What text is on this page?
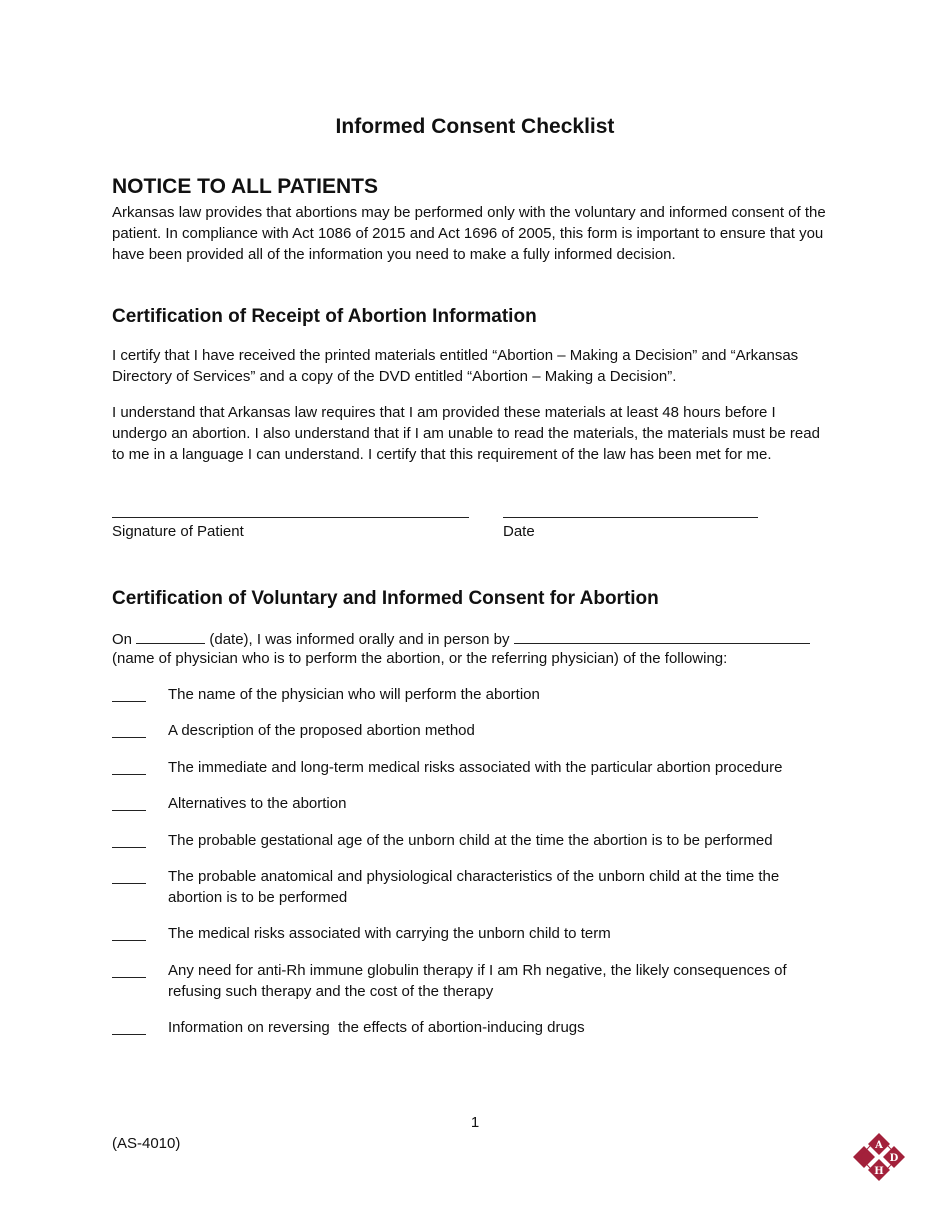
Informed Consent Checklist
NOTICE TO ALL PATIENTS
Arkansas law provides that abortions may be performed only with the voluntary and informed consent of the patient. In compliance with Act 1086 of 2015 and Act 1696 of 2005, this form is important to ensure that you have been provided all of the information you need to make a fully informed decision.
Certification of Receipt of Abortion Information
I certify that I have received the printed materials entitled “Abortion – Making a Decision” and “Arkansas Directory of Services” and a copy of the DVD entitled “Abortion – Making a Decision”.
I understand that Arkansas law requires that I am provided these materials at least 48 hours before I undergo an abortion. I also understand that if I am unable to read the materials, the materials must be read to me in a language I can understand. I certify that this requirement of the law has been met for me.
Signature of Patient	Date
Certification of Voluntary and Informed Consent for Abortion
On	(date), I was informed orally and in person by
(name of physician who is to perform the abortion, or the referring physician) of the following:
The name of the physician who will perform the abortion
A description of the proposed abortion method
The immediate and long-term medical risks associated with the particular abortion procedure
Alternatives to the abortion
The probable gestational age of the unborn child at the time the abortion is to be performed
The probable anatomical and physiological characteristics of the unborn child at the time the abortion is to be performed
The medical risks associated with carrying the unborn child to term
Any need for anti-Rh immune globulin therapy if I am Rh negative, the likely consequences of refusing such therapy and the cost of the therapy
Information on reversing  the effects of abortion-inducing drugs
1
(AS-4010)	A
D
H
